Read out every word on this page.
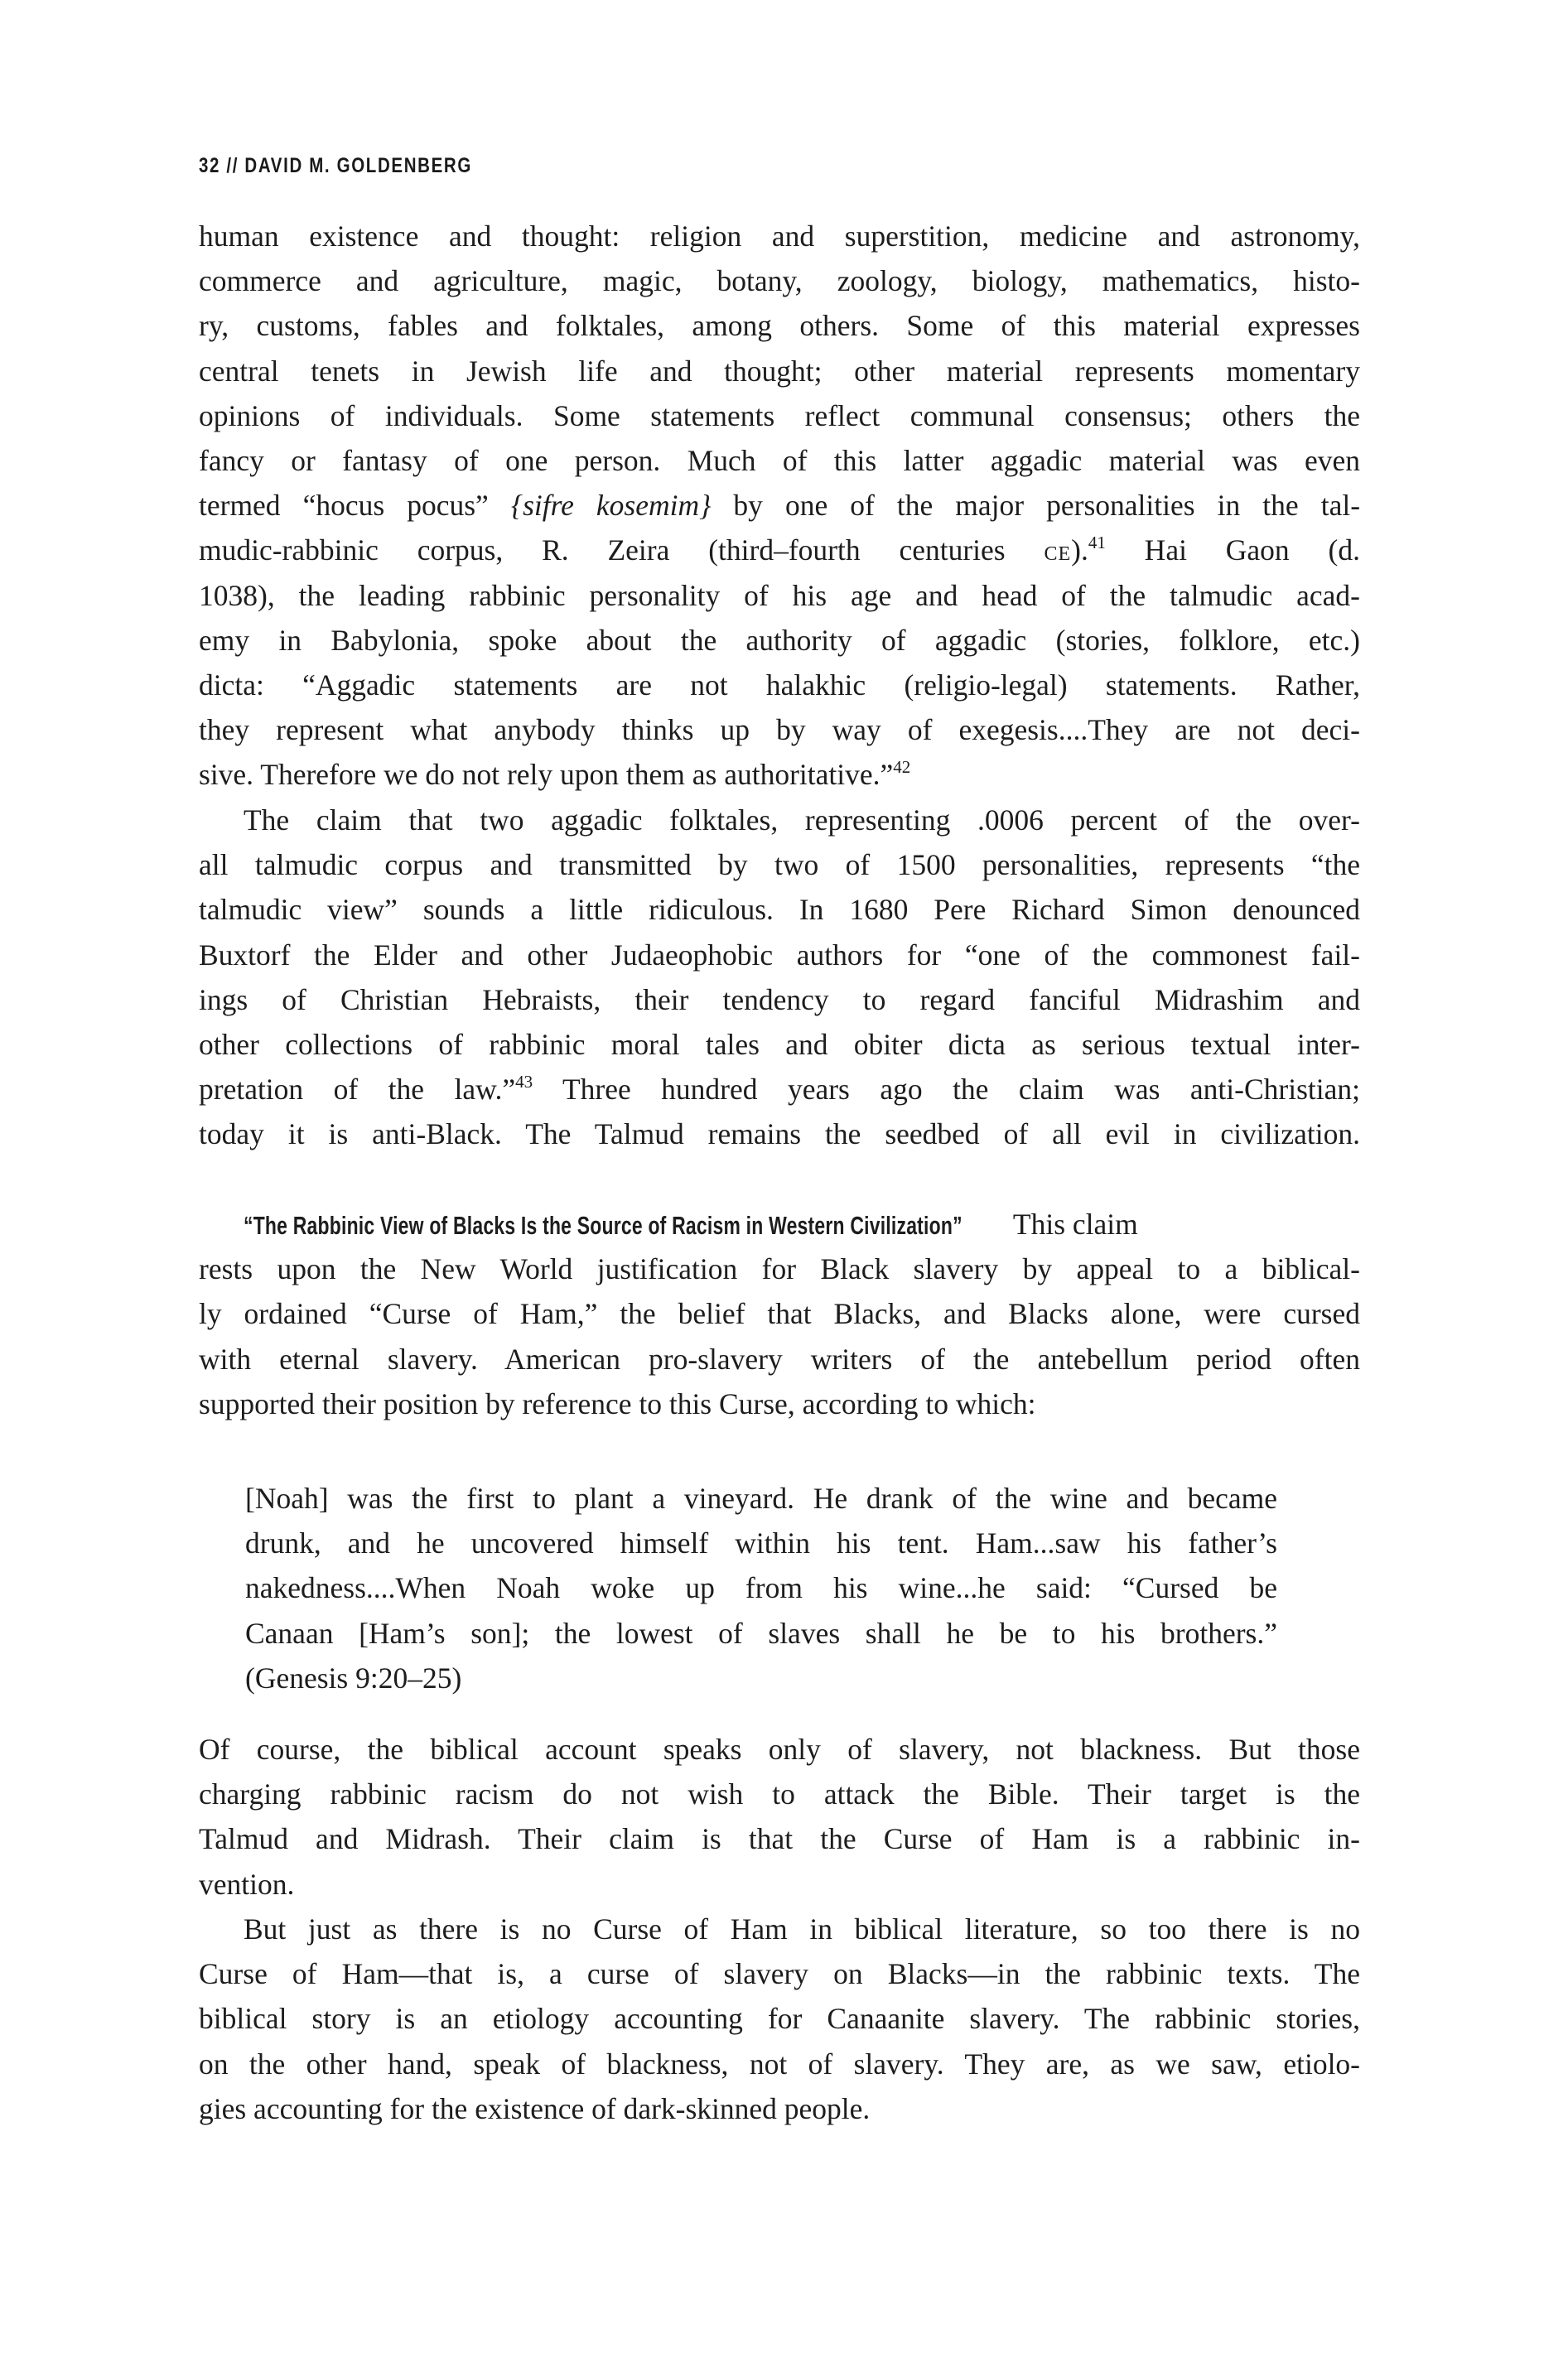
32 // DAVID M. GOLDENBERG
human existence and thought: religion and superstition, medicine and astronomy,
commerce and agriculture, magic, botany, zoology, biology, mathematics, histo-
ry, customs, fables and folktales, among others. Some of this material expresses
central tenets in Jewish life and thought; other material represents momentary
opinions of individuals. Some statements reflect communal consensus; others the
fancy or fantasy of one person. Much of this latter aggadic material was even
termed “hocus pocus” {sifre kosemim} by one of the major personalities in the tal-
mudic-rabbinic corpus, R. Zeira (third–fourth centuries CE).$^{41}$ Hai Gaon (d.
1038), the leading rabbinic personality of his age and head of the talmudic acad-
emy in Babylonia, spoke about the authority of aggadic (stories, folklore, etc.)
dicta: “Aggadic statements are not halakhic (religio-legal) statements. Rather,
they represent what anybody thinks up by way of exegesis....They are not deci-
sive. Therefore we do not rely upon them as authoritative.”$^{42}$
The claim that two aggadic folktales, representing .0006 percent of the over-
all talmudic corpus and transmitted by two of 1500 personalities, represents “the
talmudic view” sounds a little ridiculous. In 1680 Pere Richard Simon denounced
Buxtorf the Elder and other Judaeophobic authors for “one of the commonest fail-
ings of Christian Hebraists, their tendency to regard fanciful Midrashim and
other collections of rabbinic moral tales and obiter dicta as serious textual inter-
pretation of the law.”$^{43}$ Three hundred years ago the claim was anti-Christian;
today it is anti-Black. The Talmud remains the seedbed of all evil in civilization.
“The Rabbinic View of Blacks Is the Source of Racism in Western Civilization” This claim
rests upon the New World justification for Black slavery by appeal to a biblical-
ly ordained “Curse of Ham,” the belief that Blacks, and Blacks alone, were cursed
with eternal slavery. American pro-slavery writers of the antebellum period often
supported their position by reference to this Curse, according to which:
[Noah] was the first to plant a vineyard. He drank of the wine and became
drunk, and he uncovered himself within his tent. Ham...saw his father’s
nakedness....When Noah woke up from his wine...he said: “Cursed be
Canaan [Ham’s son]; the lowest of slaves shall he be to his brothers.”
(Genesis 9:20–25)
Of course, the biblical account speaks only of slavery, not blackness. But those
charging rabbinic racism do not wish to attack the Bible. Their target is the
Talmud and Midrash. Their claim is that the Curse of Ham is a rabbinic in-
vention.
But just as there is no Curse of Ham in biblical literature, so too there is no
Curse of Ham—that is, a curse of slavery on Blacks—in the rabbinic texts. The
biblical story is an etiology accounting for Canaanite slavery. The rabbinic stories,
on the other hand, speak of blackness, not of slavery. They are, as we saw, etiolo-
gies accounting for the existence of dark-skinned people.
